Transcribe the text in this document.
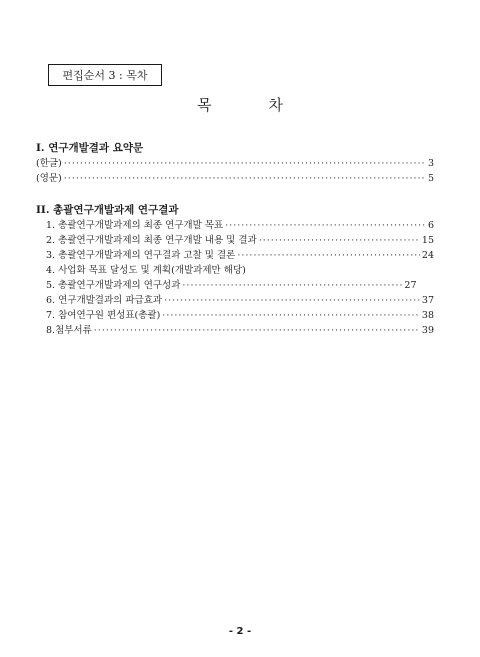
편집순서 3 : 목차
목 차
I. 연구개발결과 요약문
(한글) ·····	3
(영문) ·····	5
II. 총괄연구개발과제 연구결과
1. 총괄연구개발과제의 최종 연구개발 목표 ·····	6
2. 총괄연구개발과제의 최종 연구개발 내용 및 결과 ·····	15
3. 총괄연구개발과제의 연구결과 고찰 및 결론 ·····	24
4. 사업화 목표 달성도 및 계획(개발과제만 해당)
5. 총괄연구개발과제의 연구성과 ·····	27
6. 연구개발결과의 파급효과 ·····	37
7. 참여연구원 편성표(총괄) ·····	38
8.첨부서류 ·····	39
- 2 -
